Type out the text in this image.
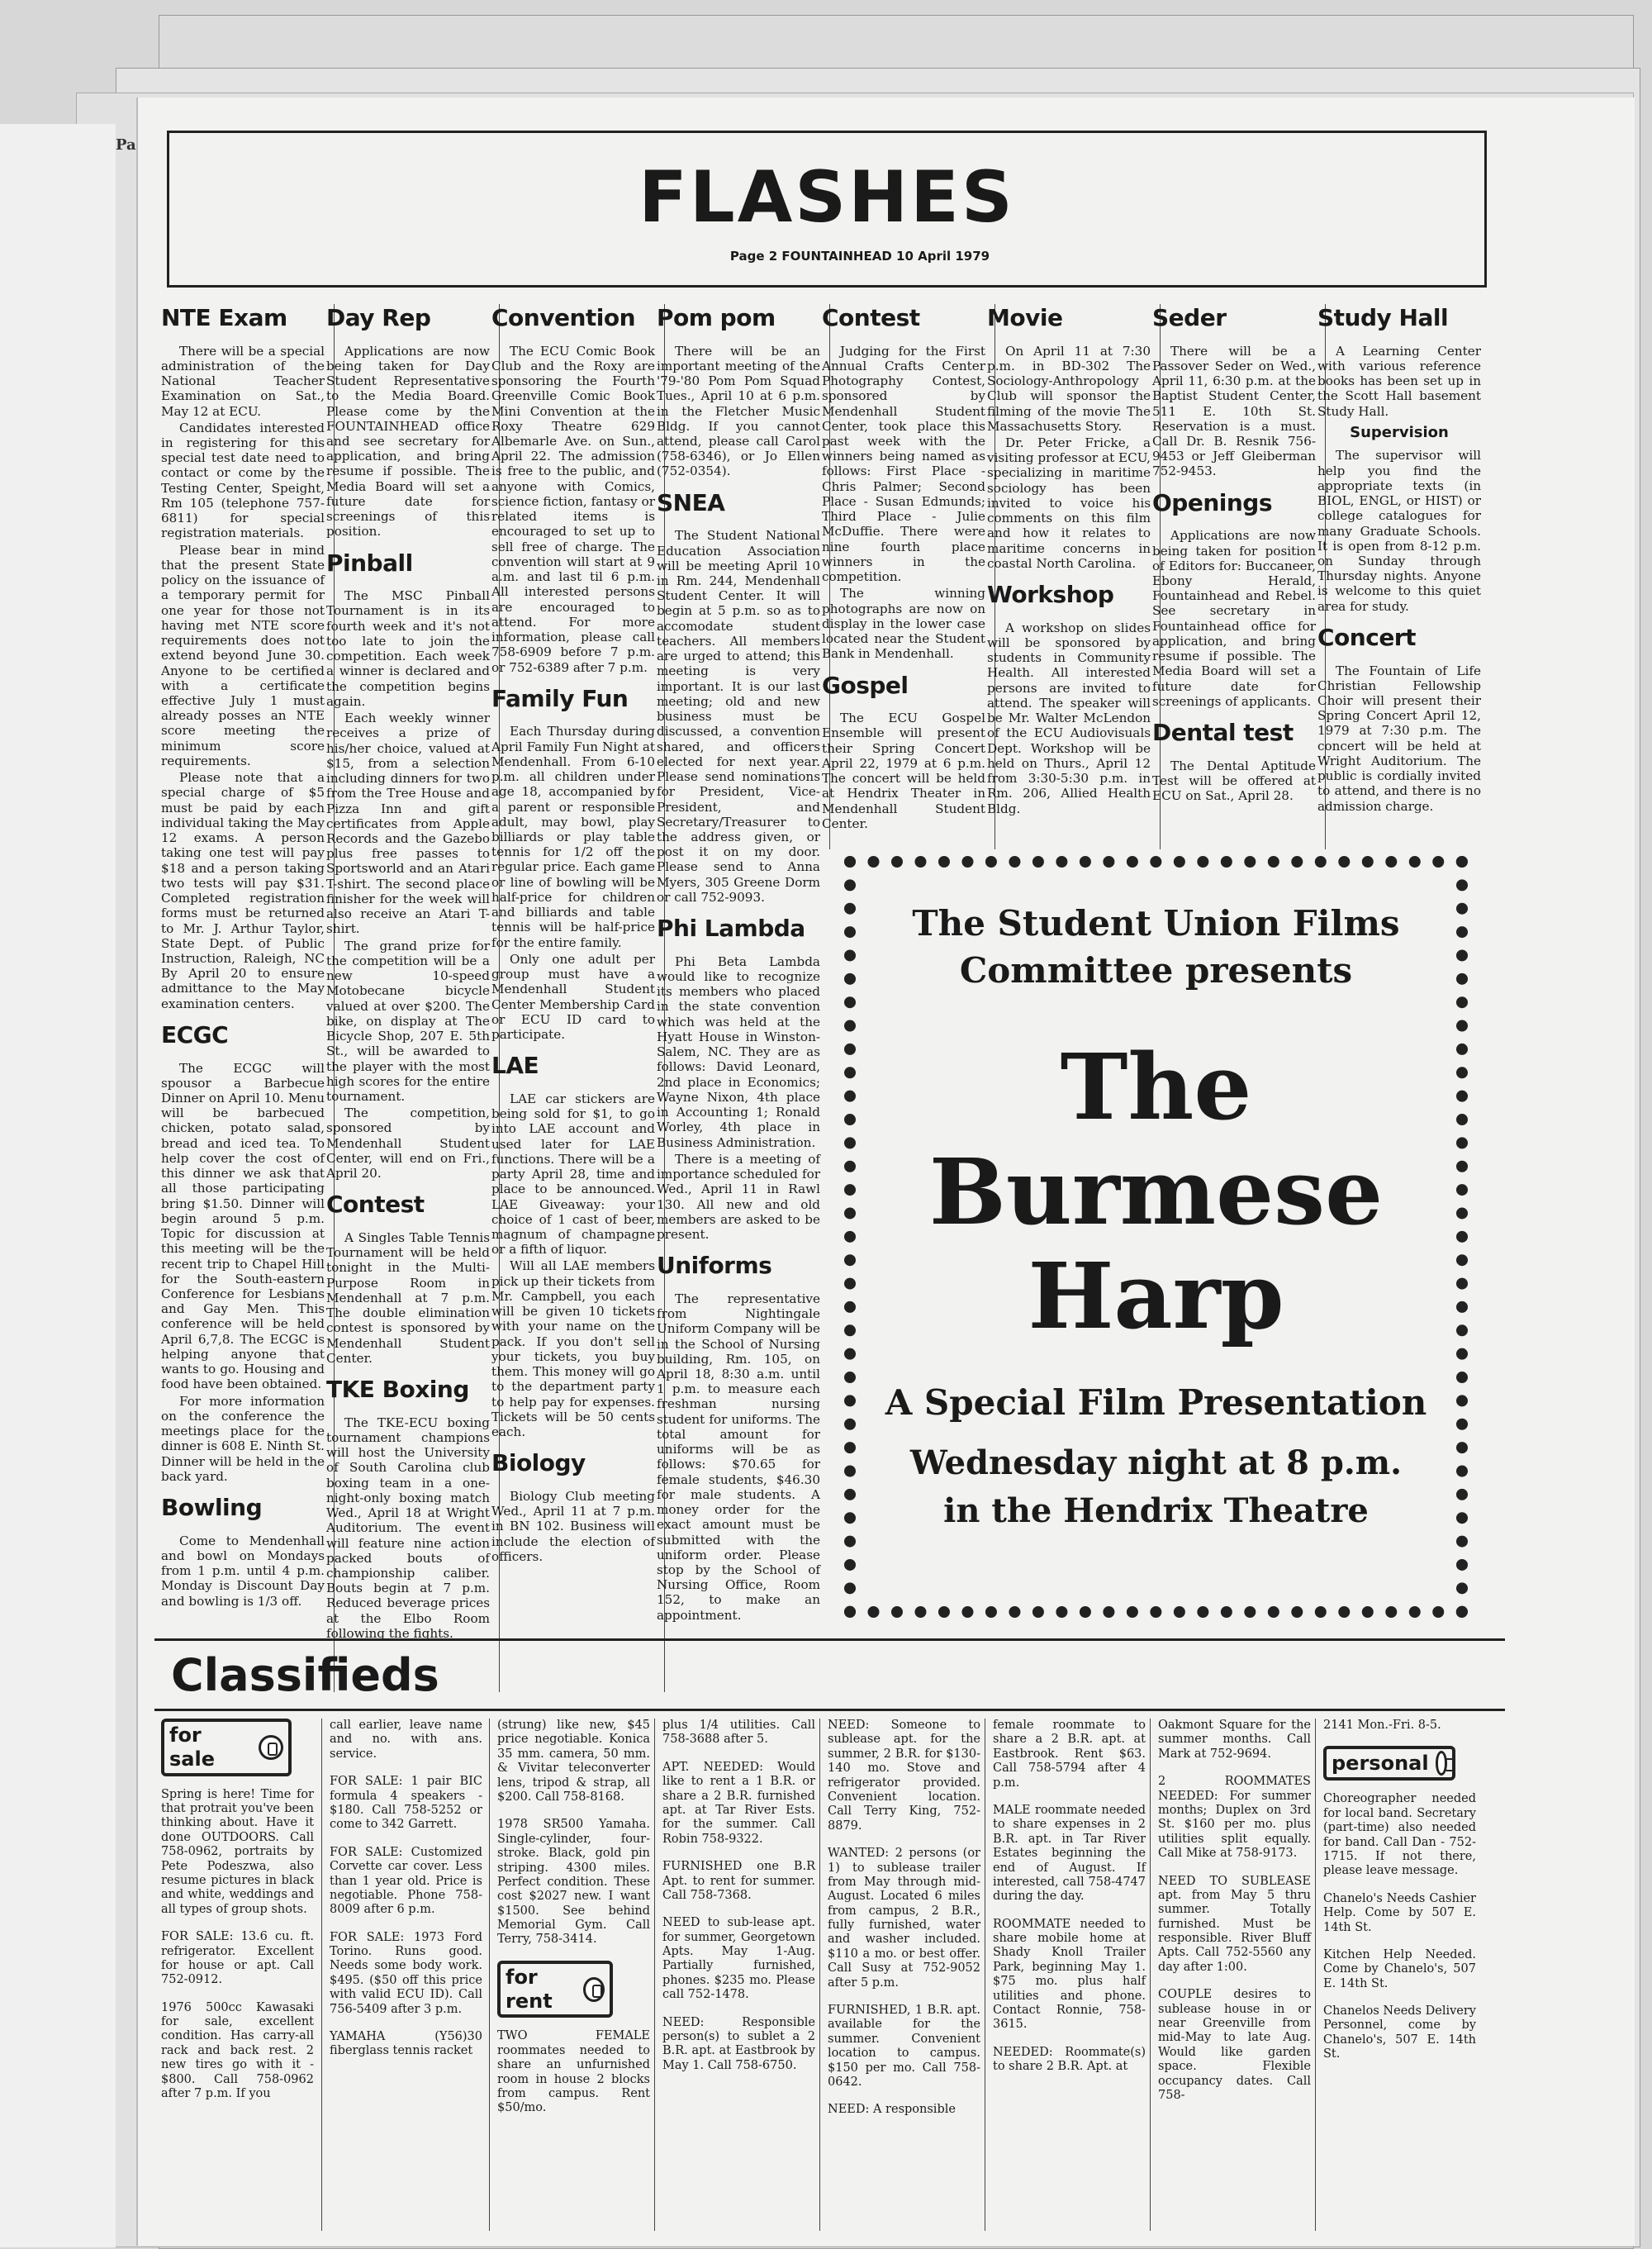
Pa
FLASHES
Page 2 FOUNTAINHEAD 10 April 1979
NTE Exam

There will be a special administration of the National Teacher Examination on Sat., May 12 at ECU.

Candidates interested in registering for this special test date need to contact or come by the Testing Center, Speight, Rm 105 (telephone 757-6811) for special registration materials.

Please bear in mind that the present State policy on the issuance of a temporary permit for one year for those not having met NTE score requirements does not extend beyond June 30. Anyone to be certified with a certificate effective July 1 must already posses an NTE score meeting the minimum score requirements.

Please note that a special charge of $5 must be paid by each individual taking the May 12 exams. A person taking one test will pay $18 and a person taking two tests will pay $31. Completed registration forms must be returned to Mr. J. Arthur Taylor, State Dept. of Public Instruction, Raleigh, NC By April 20 to ensure admittance to the May examination centers.

ECGC

The ECGC will spousor a Barbecue Dinner on April 10. Menu will be barbecued chicken, potato salad, bread and iced tea. To help cover the cost of this dinner we ask that all those participating bring $1.50. Dinner will begin around 5 p.m. Topic for discussion at this meeting will be the recent trip to Chapel Hill for the South-eastern Conference for Lesbians and Gay Men. This conference will be held April 6,7,8. The ECGC is helping anyone that wants to go. Housing and food have been obtained.

For more information on the conference the meetings place for the dinner is 608 E. Ninth St. Dinner will be held in the back yard.

Bowling

Come to Mendenhall and bowl on Mondays from 1 p.m. until 4 p.m. Monday is Discount Day and bowling is 1/3 off.

Day Rep

Applications are now being taken for Day Student Representative to the Media Board. Please come by the FOUNTAINHEAD office and see secretary for application, and bring resume if possible. The Media Board will set a future date for screenings of this position.

Pinball

The MSC Pinball Tournament is in its fourth week and it's not too late to join the competition. Each week a winner is declared and the competition begins again.

Each weekly winner receives a prize of his/her choice, valued at $15, from a selection including dinners for two from the Tree House and Pizza Inn and gift certificates from Apple Records and the Gazebo plus free passes to Sportsworld and an Atari T-shirt. The second place finisher for the week will also receive an Atari T-shirt.

The grand prize for the competition will be a new 10-speed Motobecane bicycle valued at over $200. The bike, on display at The Bicycle Shop, 207 E. 5th St., will be awarded to the player with the most high scores for the entire tournament.

The competition, sponsored by Mendenhall Student Center, will end on Fri., April 20.

Contest

A Singles Table Tennis Tournament will be held tonight in the Multi-Purpose Room in Mendenhall at 7 p.m. The double elimination contest is sponsored by Mendenhall Student Center.

TKE Boxing

The TKE-ECU boxing tournament champions will host the University of South Carolina club boxing team in a one-night-only boxing match Wed., April 18 at Wright Auditorium. The event will feature nine action packed bouts of championship caliber. Bouts begin at 7 p.m. Reduced beverage prices at the Elbo Room following the fights.

Convention

The ECU Comic Book Club and the Roxy are sponsoring the Fourth Greenville Comic Book Mini Convention at the Roxy Theatre 629 Albemarle Ave. on Sun., April 22. The admission is free to the public, and anyone with Comics, science fiction, fantasy or related items is encouraged to set up to sell free of charge. The convention will start at 9 a.m. and last til 6 p.m. All interested persons are encouraged to attend. For more information, please call 758-6909 before 7 p.m. or 752-6389 after 7 p.m.

Family Fun

Each Thursday during April Family Fun Night at Mendenhall. From 6-10 p.m. all children under age 18, accompanied by a parent or responsible adult, may bowl, play billiards or play table tennis for 1/2 off the regular price. Each game or line of bowling will be half-price for children and billiards and table tennis will be half-price for the entire family.

Only one adult per group must have a Mendenhall Student Center Membership Card or ECU ID card to participate.

LAE

LAE car stickers are being sold for $1, to go into LAE account and used later for LAE functions. There will be a party April 28, time and place to be announced. LAE Giveaway: your choice of 1 cast of beer, magnum of champagne or a fifth of liquor.

Will all LAE members pick up their tickets from Mr. Campbell, you each will be given 10 tickets with your name on the pack. If you don't sell your tickets, you buy them. This money will go to the department party to help pay for expenses. Tickets will be 50 cents each.

Biology

Biology Club meeting Wed., April 11 at 7 p.m. in BN 102. Business will include the election of officers.

Pom pom

There will be an important meeting of the '79-'80 Pom Pom Squad Tues., April 10 at 6 p.m. in the Fletcher Music Bldg. If you cannot attend, please call Carol (758-6346), or Jo Ellen (752-0354).

SNEA

The Student National Education Association will be meeting April 10 in Rm. 244, Mendenhall Student Center. It will begin at 5 p.m. so as to accomodate student teachers. All members are urged to attend; this meeting is very important. It is our last meeting; old and new business must be discussed, a convention shared, and officers elected for next year. Please send nominations for President, Vice-President, and Secretary/Treasurer to the address given, or post it on my door. Please send to Anna Myers, 305 Greene Dorm or call 752-9093.

Phi Lambda

Phi Beta Lambda would like to recognize its members who placed in the state convention which was held at the Hyatt House in Winston-Salem, NC. They are as follows: David Leonard, 2nd place in Economics; Wayne Nixon, 4th place in Accounting 1; Ronald Worley, 4th place in Business Administration.

There is a meeting of importance scheduled for Wed., April 11 in Rawl 130. All new and old members are asked to be present.

Uniforms

The representative from Nightingale Uniform Company will be in the School of Nursing building, Rm. 105, on April 18, 8:30 a.m. until 1 p.m. to measure each freshman nursing student for uniforms. The total amount for uniforms will be as follows: $70.65 for female students, $46.30 for male students. A money order for the exact amount must be submitted with the uniform order. Please stop by the School of Nursing Office, Room 152, to make an appointment.

Contest

Judging for the First Annual Crafts Center Photography Contest, sponsored by Mendenhall Student Center, took place this past week with the winners being named as follows: First Place - Chris Palmer; Second Place - Susan Edmunds; Third Place - Julie McDuffie. There were nine fourth place winners in the competition.

The winning photographs are now on display in the lower case located near the Student Bank in Mendenhall.

Gospel

The ECU Gospel Ensemble will present their Spring Concert April 22, 1979 at 6 p.m. The concert will be held at Hendrix Theater in Mendenhall Student Center.

Movie

On April 11 at 7:30 p.m. in BD-302 The Sociology-Anthropology Club will sponsor the filming of the movie The Massachusetts Story.

Dr. Peter Fricke, a visiting professor at ECU, specializing in maritime sociology has been invited to voice his comments on this film and how it relates to maritime concerns in coastal North Carolina.

Workshop

A workshop on slides will be sponsored by students in Community Health. All interested persons are invited to attend. The speaker will be Mr. Walter McLendon of the ECU Audiovisuals Dept. Workshop will be held on Thurs., April 12 from 3:30-5:30 p.m. in Rm. 206, Allied Health Bldg.

Seder

There will be a Passover Seder on Wed., April 11, 6:30 p.m. at the Baptist Student Center, 511 E. 10th St. Reservation is a must. Call Dr. B. Resnik 756-9453 or Jeff Gleiberman 752-9453.

Openings

Applications are now being taken for position of Editors for: Buccaneer, Ebony Herald, Fountainhead and Rebel. See secretary in Fountainhead office for application, and bring resume if possible. The Media Board will set a future date for screenings of applicants.

Dental test

The Dental Aptitude Test will be offered at ECU on Sat., April 28.

Study Hall

A Learning Center with various reference books has been set up in the Scott Hall basement Study Hall.

Supervision

The supervisor will help you find the appropriate texts (in BIOL, ENGL, or HIST) or college catalogues for many Graduate Schools. It is open from 8-12 p.m. on Sunday through Thursday nights. Anyone is welcome to this quiet area for study.

Concert

The Fountain of Life Christian Fellowship Choir will present their Spring Concert April 12, 1979 at 7:30 p.m. The concert will be held at Wright Auditorium. The public is cordially invited to attend, and there is no admission charge.

The Student Union Films
Committee presents
The
Burmese
Harp
A Special Film Presentation
Wednesday night at 8 p.m.
in the Hendrix Theatre
Classifieds
for sale

Spring is here! Time for that protrait you've been thinking about. Have it done OUTDOORS. Call 758-0962, portraits by Pete Podeszwa, also resume pictures in black and white, weddings and all types of group shots.

FOR SALE: 13.6 cu. ft. refrigerator. Excellent for house or apt. Call 752-0912.

1976 500cc Kawasaki for sale, excellent condition. Has carry-all rack and back rest. 2 new tires go with it - $800. Call 758-0962 after 7 p.m. If you

call earlier, leave name and no. with ans. service.

FOR SALE: 1 pair BIC formula 4 speakers - $180. Call 758-5252 or come to 342 Garrett.

FOR SALE: Customized Corvette car cover. Less than 1 year old. Price is negotiable. Phone 758-8009 after 6 p.m.

FOR SALE: 1973 Ford Torino. Runs good. Needs some body work. $495. ($50 off this price with valid ECU ID). Call 756-5409 after 3 p.m.

YAMAHA (Y56)30 fiberglass tennis racket

(strung) like new, $45 price negotiable. Konica 35 mm. camera, 50 mm. & Vivitar teleconverter lens, tripod & strap, all $200. Call 758-8168.

1978 SR500 Yamaha. Single-cylinder, four-stroke. Black, gold pin striping. 4300 miles. Perfect condition. These cost $2027 new. I want $1500. See behind Memorial Gym. Call Terry, 758-3414.

for rent

TWO FEMALE roommates needed to share an unfurnished room in house 2 blocks from campus. Rent $50/mo.

plus 1/4 utilities. Call 758-3688 after 5.

APT. NEEDED: Would like to rent a 1 B.R. or share a 2 B.R. furnished apt. at Tar River Ests. for the summer. Call Robin 758-9322.

FURNISHED one B.R Apt. to rent for summer. Call 758-7368.

NEED to sub-lease apt. for summer, Georgetown Apts. May 1-Aug. Partially furnished, phones. $235 mo. Please call 752-1478.

NEED: Responsible person(s) to sublet a 2 B.R. apt. at Eastbrook by May 1. Call 758-6750.

NEED: Someone to sublease apt. for the summer, 2 B.R. for $130-140 mo. Stove and refrigerator provided. Convenient location. Call Terry King, 752-8879.

WANTED: 2 persons (or 1) to sublease trailer from May through mid-August. Located 6 miles from campus, 2 B.R., fully furnished, water and washer included. $110 a mo. or best offer. Call Susy at 752-9052 after 5 p.m.

FURNISHED, 1 B.R. apt. available for the summer. Convenient location to campus. $150 per mo. Call 758-0642.

NEED: A responsible

female roommate to share a 2 B.R. apt. at Eastbrook. Rent $63. Call 758-5794 after 4 p.m.

MALE roommate needed to share expenses in 2 B.R. apt. in Tar River Estates beginning the end of August. If interested, call 758-4747 during the day.

ROOMMATE needed to share mobile home at Shady Knoll Trailer Park, beginning May 1. $75 mo. plus half utilities and phone. Contact Ronnie, 758-3615.

NEEDED: Roommate(s) to share 2 B.R. Apt. at

Oakmont Square for the summer months. Call Mark at 752-9694.

2 ROOMMATES NEEDED: For summer months; Duplex on 3rd St. $160 per mo. plus utilities split equally. Call Mike at 758-9173.

NEED TO SUBLEASE apt. from May 5 thru summer. Totally furnished. Must be responsible. River Bluff Apts. Call 752-5560 any day after 1:00.

COUPLE desires to sublease house in or near Greenville from mid-May to late Aug. Would like garden space. Flexible occupancy dates. Call 758-

2141 Mon.-Fri. 8-5.

personal

Choreographer needed for local band. Secretary (part-time) also needed for band. Call Dan - 752-1715. If not there, please leave message.

Chanelo's Needs Cashier Help. Come by 507 E. 14th St.

Kitchen Help Needed. Come by Chanelo's, 507 E. 14th St.

Chanelos Needs Delivery Personnel, come by Chanelo's, 507 E. 14th St.
